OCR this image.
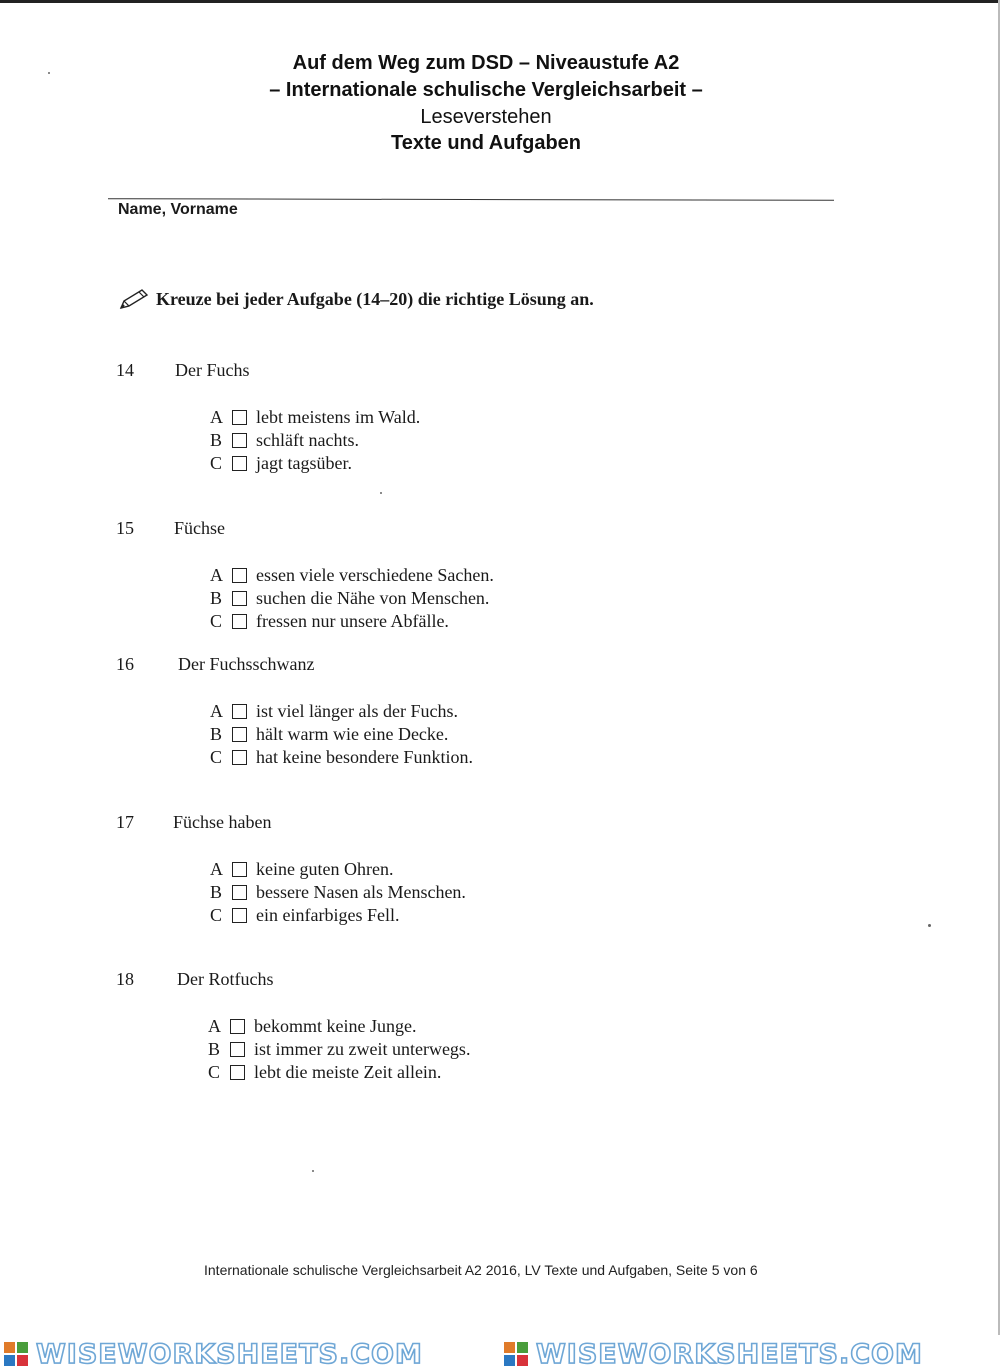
Auf dem Weg zum DSD – Niveaustufe A2
– Internationale schulische Vergleichsarbeit –
Leseverstehen
Texte und Aufgaben
Name, Vorname
Kreuze bei jeder Aufgabe (14–20) die richtige Lösung an.
14 Der Fuchs
A	lebt meistens im Wald.
B	schläft nachts.
C	jagt tagsüber.
15 Füchse
A	essen viele verschiedene Sachen.
B	suchen die Nähe von Menschen.
C	fressen nur unsere Abfälle.
16 Der Fuchsschwanz
A	ist viel länger als der Fuchs.
B	hält warm wie eine Decke.
C	hat keine besondere Funktion.
17 Füchse haben
A	keine guten Ohren.
B	bessere Nasen als Menschen.
C	ein einfarbiges Fell.
18 Der Rotfuchs
A	bekommt keine Junge.
B	ist immer zu zweit unterwegs.
C	lebt die meiste Zeit allein.
Internationale schulische Vergleichsarbeit A2 2016, LV Texte und Aufgaben, Seite 5 von 6
WISEWORKSHEETS.COM	WISEWORKSHEETS.COM
